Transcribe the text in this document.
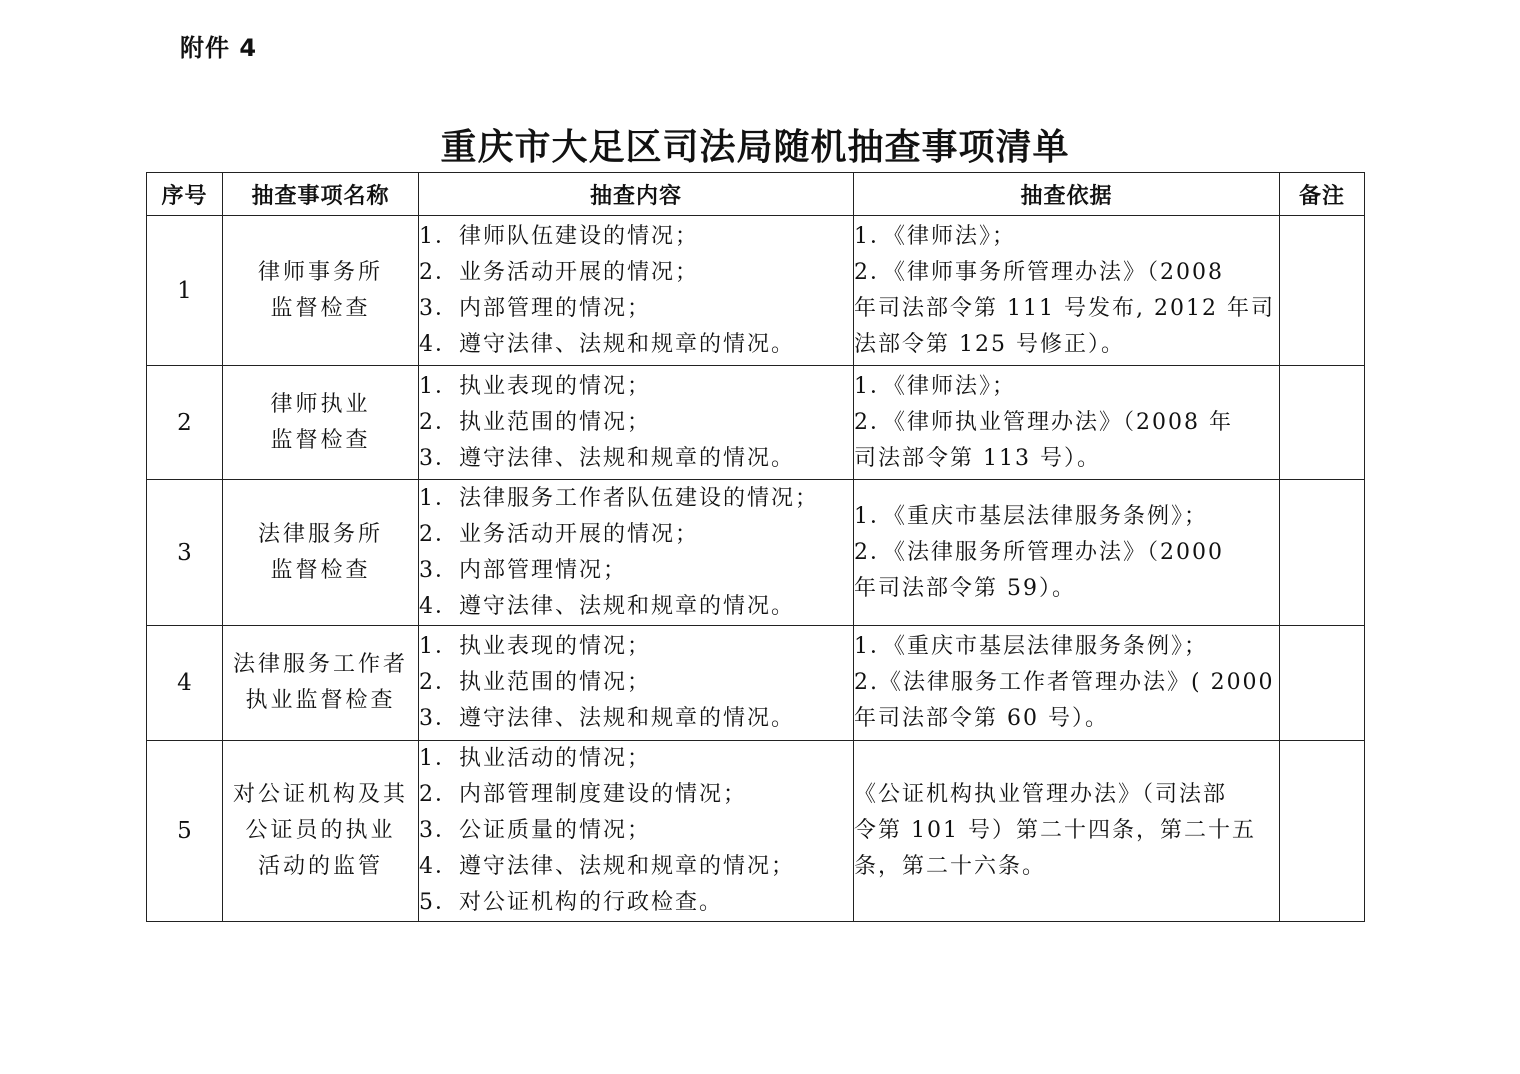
附件 4
重庆市大足区司法局随机抽查事项清单
序号	抽查事项名称	抽查内容	抽查依据	备注
1	律师事务所
监督检查	1．律师队伍建设的情况；
2．业务活动开展的情况；
3．内部管理的情况；
4．遵守法律、法规和规章的情况。	1．《律师法》；
2．《律师事务所管理办法》（2008
年司法部令第 111 号发布, 2012 年司
法部令第 125 号修正）。	

2	律师执业
监督检查	1．执业表现的情况；
2．执业范围的情况；
3．遵守法律、法规和规章的情况。	1．《律师法》；
2．《律师执业管理办法》（2008 年
司法部令第 113 号）。	

3	法律服务所
监督检查	1．法律服务工作者队伍建设的情况；
2．业务活动开展的情况；
3．内部管理情况；
4．遵守法律、法规和规章的情况。	1．《重庆市基层法律服务条例》；
2．《法律服务所管理办法》（2000
年司法部令第 59）。	

4	法律服务工作者
执业监督检查	1．执业表现的情况；
2．执业范围的情况；
3．遵守法律、法规和规章的情况。	1．《重庆市基层法律服务条例》；
2.《法律服务工作者管理办法》( 2000
年司法部令第 60 号）。	

5	对公证机构及其
公证员的执业
活动的监管	1．执业活动的情况；
2．内部管理制度建设的情况；
3．公证质量的情况；
4．遵守法律、法规和规章的情况；
5．对公证机构的行政检查。	《公证机构执业管理办法》（司法部
令第 101 号）第二十四条，第二十五
条，第二十六条。	
